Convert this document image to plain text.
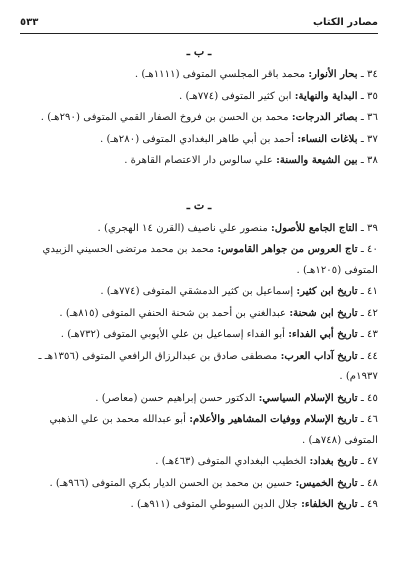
مصادر الكتاب
٥٣٣
ـ ب ـ
٣٤ ـ بحار الأنوار: محمد باقر المجلسي المتوفى (١١١١هـ) .
٣٥ ـ البداية والنهاية: ابن كثير المتوفى (٧٧٤هـ) .
٣٦ ـ بصائر الدرجات: محمد بن الحسن بن فروخ الصفار القمي المتوفى (٢٩٠هـ) .
٣٧ ـ بلاغات النساء: أحمد بن أبي طاهر البغدادي المتوفى (٢٨٠هـ) .
٣٨ ـ بين الشيعة والسنة: علي سالوس دار الاعتصام القاهرة .
ـ ت ـ
٣٩ ـ التاج الجامع للأصول: منصور علي ناصيف (القرن ١٤ الهجري) .
٤٠ ـ تاج العروس من جواهر القاموس: محمد بن محمد مرتضى الحسيني الزبيدي المتوفى (١٢٠٥هـ) .
٤١ ـ تاريخ ابن كثير: إسماعيل بن كثير الدمشقي المتوفى (٧٧٤هـ) .
٤٢ ـ تاريخ ابن شحنة: عبدالغني بن أحمد بن شحنة الحنفي المتوفى (٨١٥هـ) .
٤٣ ـ تاريخ أبي الفداء: أبو الفداء إسماعيل بن علي الأيوبي المتوفى (٧٣٢هـ) .
٤٤ ـ تاريخ آداب العرب: مصطفى صادق بن عبدالرزاق الرافعي المتوفى (١٣٥٦هـ ـ ١٩٣٧م) .
٤٥ ـ تاريخ الإسلام السياسي: الدكتور حسن إبراهيم حسن (معاصر) .
٤٦ ـ تاريخ الإسلام ووفيات المشاهير والأعلام: أبو عبدالله محمد بن علي الذهبي المتوفى (٧٤٨هـ) .
٤٧ ـ تاريخ بغداد: الخطيب البغدادي المتوفى (٤٦٣هـ) .
٤٨ ـ تاريخ الخميس: حسين بن محمد بن الحسن الديار بكري المتوفى (٩٦٦هـ) .
٤٩ ـ تاريخ الخلفاء: جلال الدين السيوطي المتوفى (٩١١هـ) .
